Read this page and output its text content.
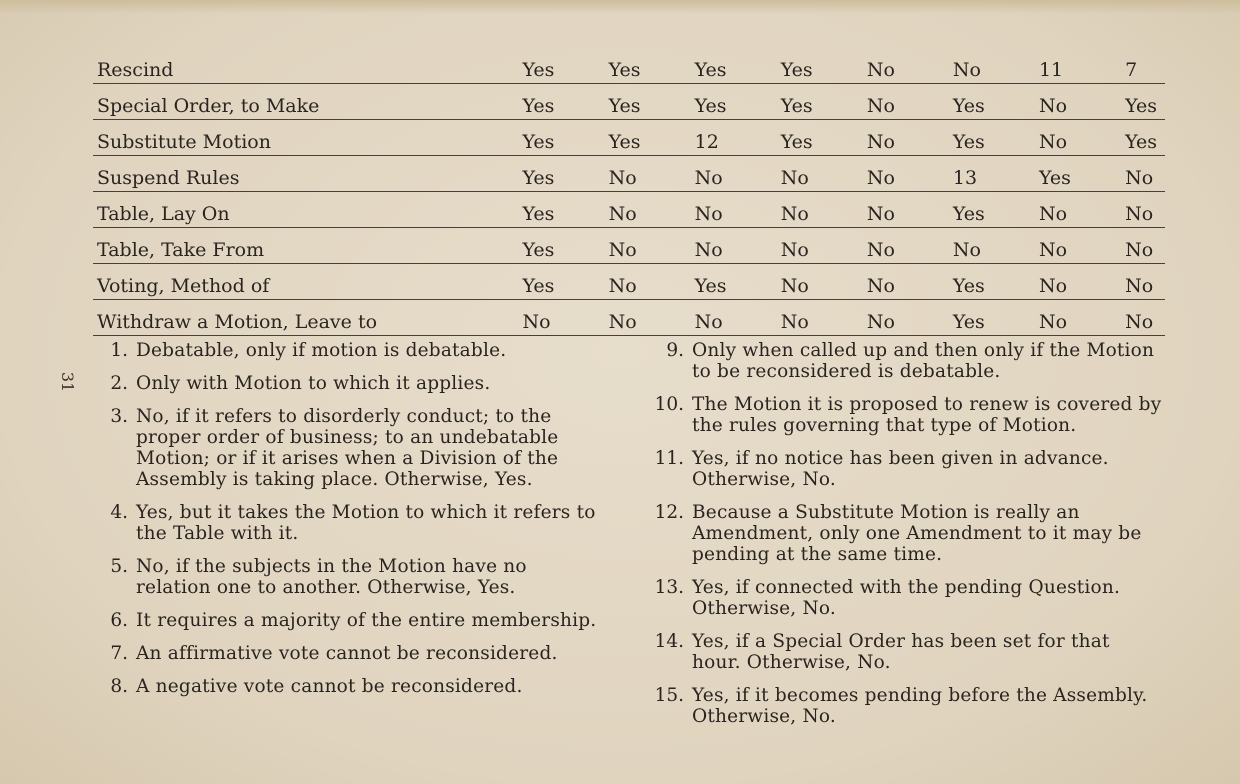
31
Rescind	Yes	Yes	Yes	Yes	No	No	11	7
Special Order, to Make	Yes	Yes	Yes	Yes	No	Yes	No	Yes
Substitute Motion	Yes	Yes	12	Yes	No	Yes	No	Yes
Suspend Rules	Yes	No	No	No	No	13	Yes	No
Table, Lay On	Yes	No	No	No	No	Yes	No	No
Table, Take From	Yes	No	No	No	No	No	No	No
Voting, Method of	Yes	No	Yes	No	No	Yes	No	No
Withdraw a Motion, Leave to	No	No	No	No	No	Yes	No	No
1. Debatable, only if motion is debatable.
2. Only with Motion to which it applies.
3. No, if it refers to disorderly conduct; to the proper order of business; to an undebatable Motion; or if it arises when a Division of the Assembly is taking place. Otherwise, Yes.
4. Yes, but it takes the Motion to which it refers to the Table with it.
5. No, if the subjects in the Motion have no relation one to another. Otherwise, Yes.
6. It requires a majority of the entire membership.
7. An affirmative vote cannot be reconsidered.
8. A negative vote cannot be reconsidered.
9. Only when called up and then only if the Motion to be reconsidered is debatable.
10. The Motion it is proposed to renew is covered by the rules governing that type of Motion.
11. Yes, if no notice has been given in advance. Otherwise, No.
12. Because a Substitute Motion is really an Amendment, only one Amendment to it may be pending at the same time.
13. Yes, if connected with the pending Question. Otherwise, No.
14. Yes, if a Special Order has been set for that hour. Otherwise, No.
15. Yes, if it becomes pending before the Assembly. Otherwise, No.
